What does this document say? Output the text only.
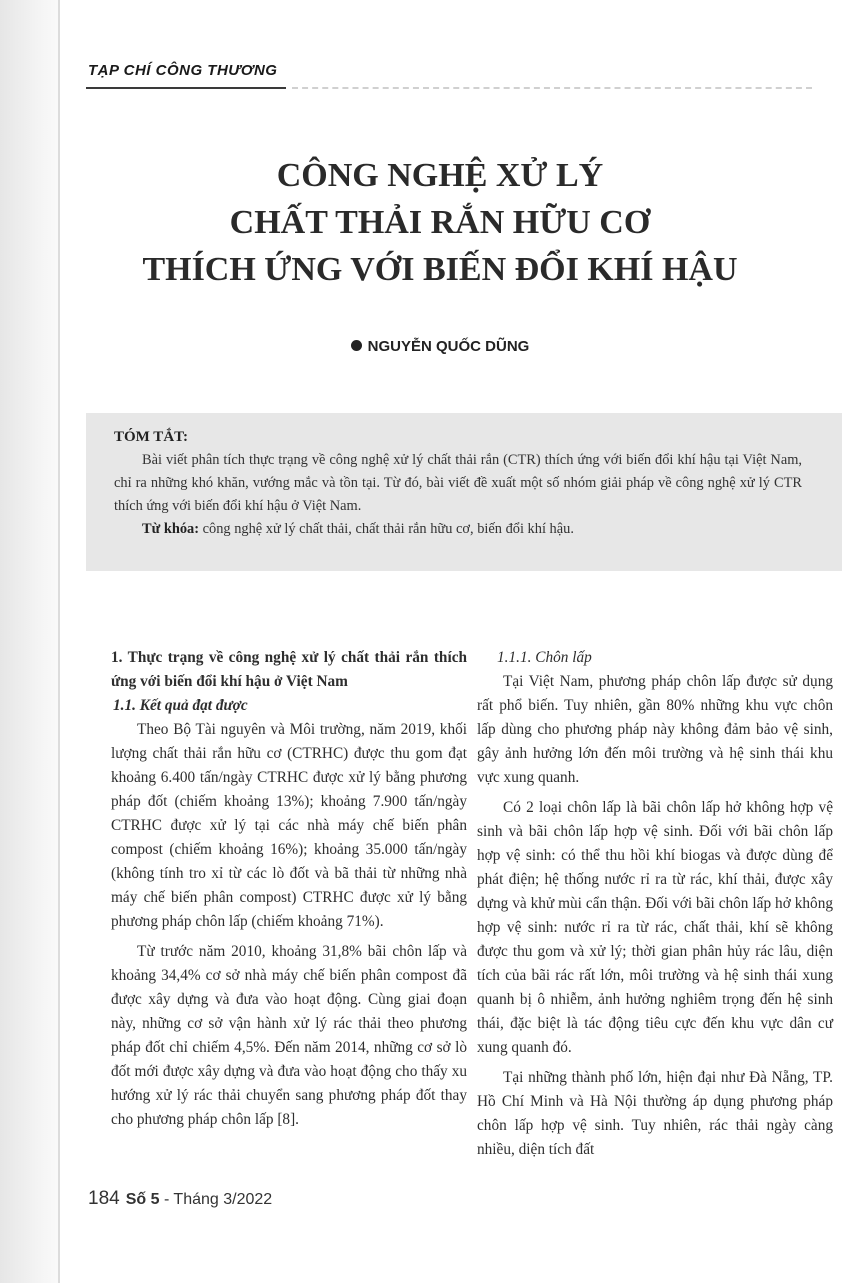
TẠP CHÍ CÔNG THƯƠNG
CÔNG NGHỆ XỬ LÝ
CHẤT THẢI RẮN HỮU CƠ
THÍCH ỨNG VỚI BIẾN ĐỔI KHÍ HẬU
NGUYỄN QUỐC DŨNG

TÓM TẮT:

Bài viết phân tích thực trạng về công nghệ xử lý chất thải rắn (CTR) thích ứng với biến đổi khí hậu tại Việt Nam, chỉ ra những khó khăn, vướng mắc và tồn tại. Từ đó, bài viết đề xuất một số nhóm giải pháp về công nghệ xử lý CTR thích ứng với biến đổi khí hậu ở Việt Nam.

Từ khóa: công nghệ xử lý chất thải, chất thải rắn hữu cơ, biến đổi khí hậu.

1. Thực trạng về công nghệ xử lý chất thải rắn thích ứng với biến đổi khí hậu ở Việt Nam

1.1. Kết quả đạt được

Theo Bộ Tài nguyên và Môi trường, năm 2019, khối lượng chất thải rắn hữu cơ (CTRHC) được thu gom đạt khoảng 6.400 tấn/ngày CTRHC được xử lý bằng phương pháp đốt (chiếm khoảng 13%); khoảng 7.900 tấn/ngày CTRHC được xử lý tại các nhà máy chế biến phân compost (chiếm khoảng 16%); khoảng 35.000 tấn/ngày (không tính tro xỉ từ các lò đốt và bã thải từ những nhà máy chế biến phân compost) CTRHC được xử lý bằng phương pháp chôn lấp (chiếm khoảng 71%).

Từ trước năm 2010, khoảng 31,8% bãi chôn lấp và khoảng 34,4% cơ sở nhà máy chế biến phân compost đã được xây dựng và đưa vào hoạt động. Cùng giai đoạn này, những cơ sở vận hành xử lý rác thải theo phương pháp đốt chỉ chiếm 4,5%. Đến năm 2014, những cơ sở lò đốt mới được xây dựng và đưa vào hoạt động cho thấy xu hướng xử lý rác thải chuyển sang phương pháp đốt thay cho phương pháp chôn lấp [8].

1.1.1. Chôn lấp

Tại Việt Nam, phương pháp chôn lấp được sử dụng rất phổ biến. Tuy nhiên, gần 80% những khu vực chôn lấp dùng cho phương pháp này không đảm bảo vệ sinh, gây ảnh hưởng lớn đến môi trường và hệ sinh thái khu vực xung quanh.

Có 2 loại chôn lấp là bãi chôn lấp hở không hợp vệ sinh và bãi chôn lấp hợp vệ sinh. Đối với bãi chôn lấp hợp vệ sinh: có thể thu hồi khí biogas và được dùng để phát điện; hệ thống nước rỉ ra từ rác, khí thải, được xây dựng và khử mùi cẩn thận. Đối với bãi chôn lấp hở không hợp vệ sinh: nước rỉ ra từ rác, chất thải, khí sẽ không được thu gom và xử lý; thời gian phân hủy rác lâu, diện tích của bãi rác rất lớn, môi trường và hệ sinh thái xung quanh bị ô nhiễm, ảnh hưởng nghiêm trọng đến hệ sinh thái, đặc biệt là tác động tiêu cực đến khu vực dân cư xung quanh đó.

Tại những thành phố lớn, hiện đại như Đà Nẵng, TP. Hồ Chí Minh và Hà Nội thường áp dụng phương pháp chôn lấp hợp vệ sinh. Tuy nhiên, rác thải ngày càng nhiều, diện tích đất

184 Số 5 - Tháng 3/2022
